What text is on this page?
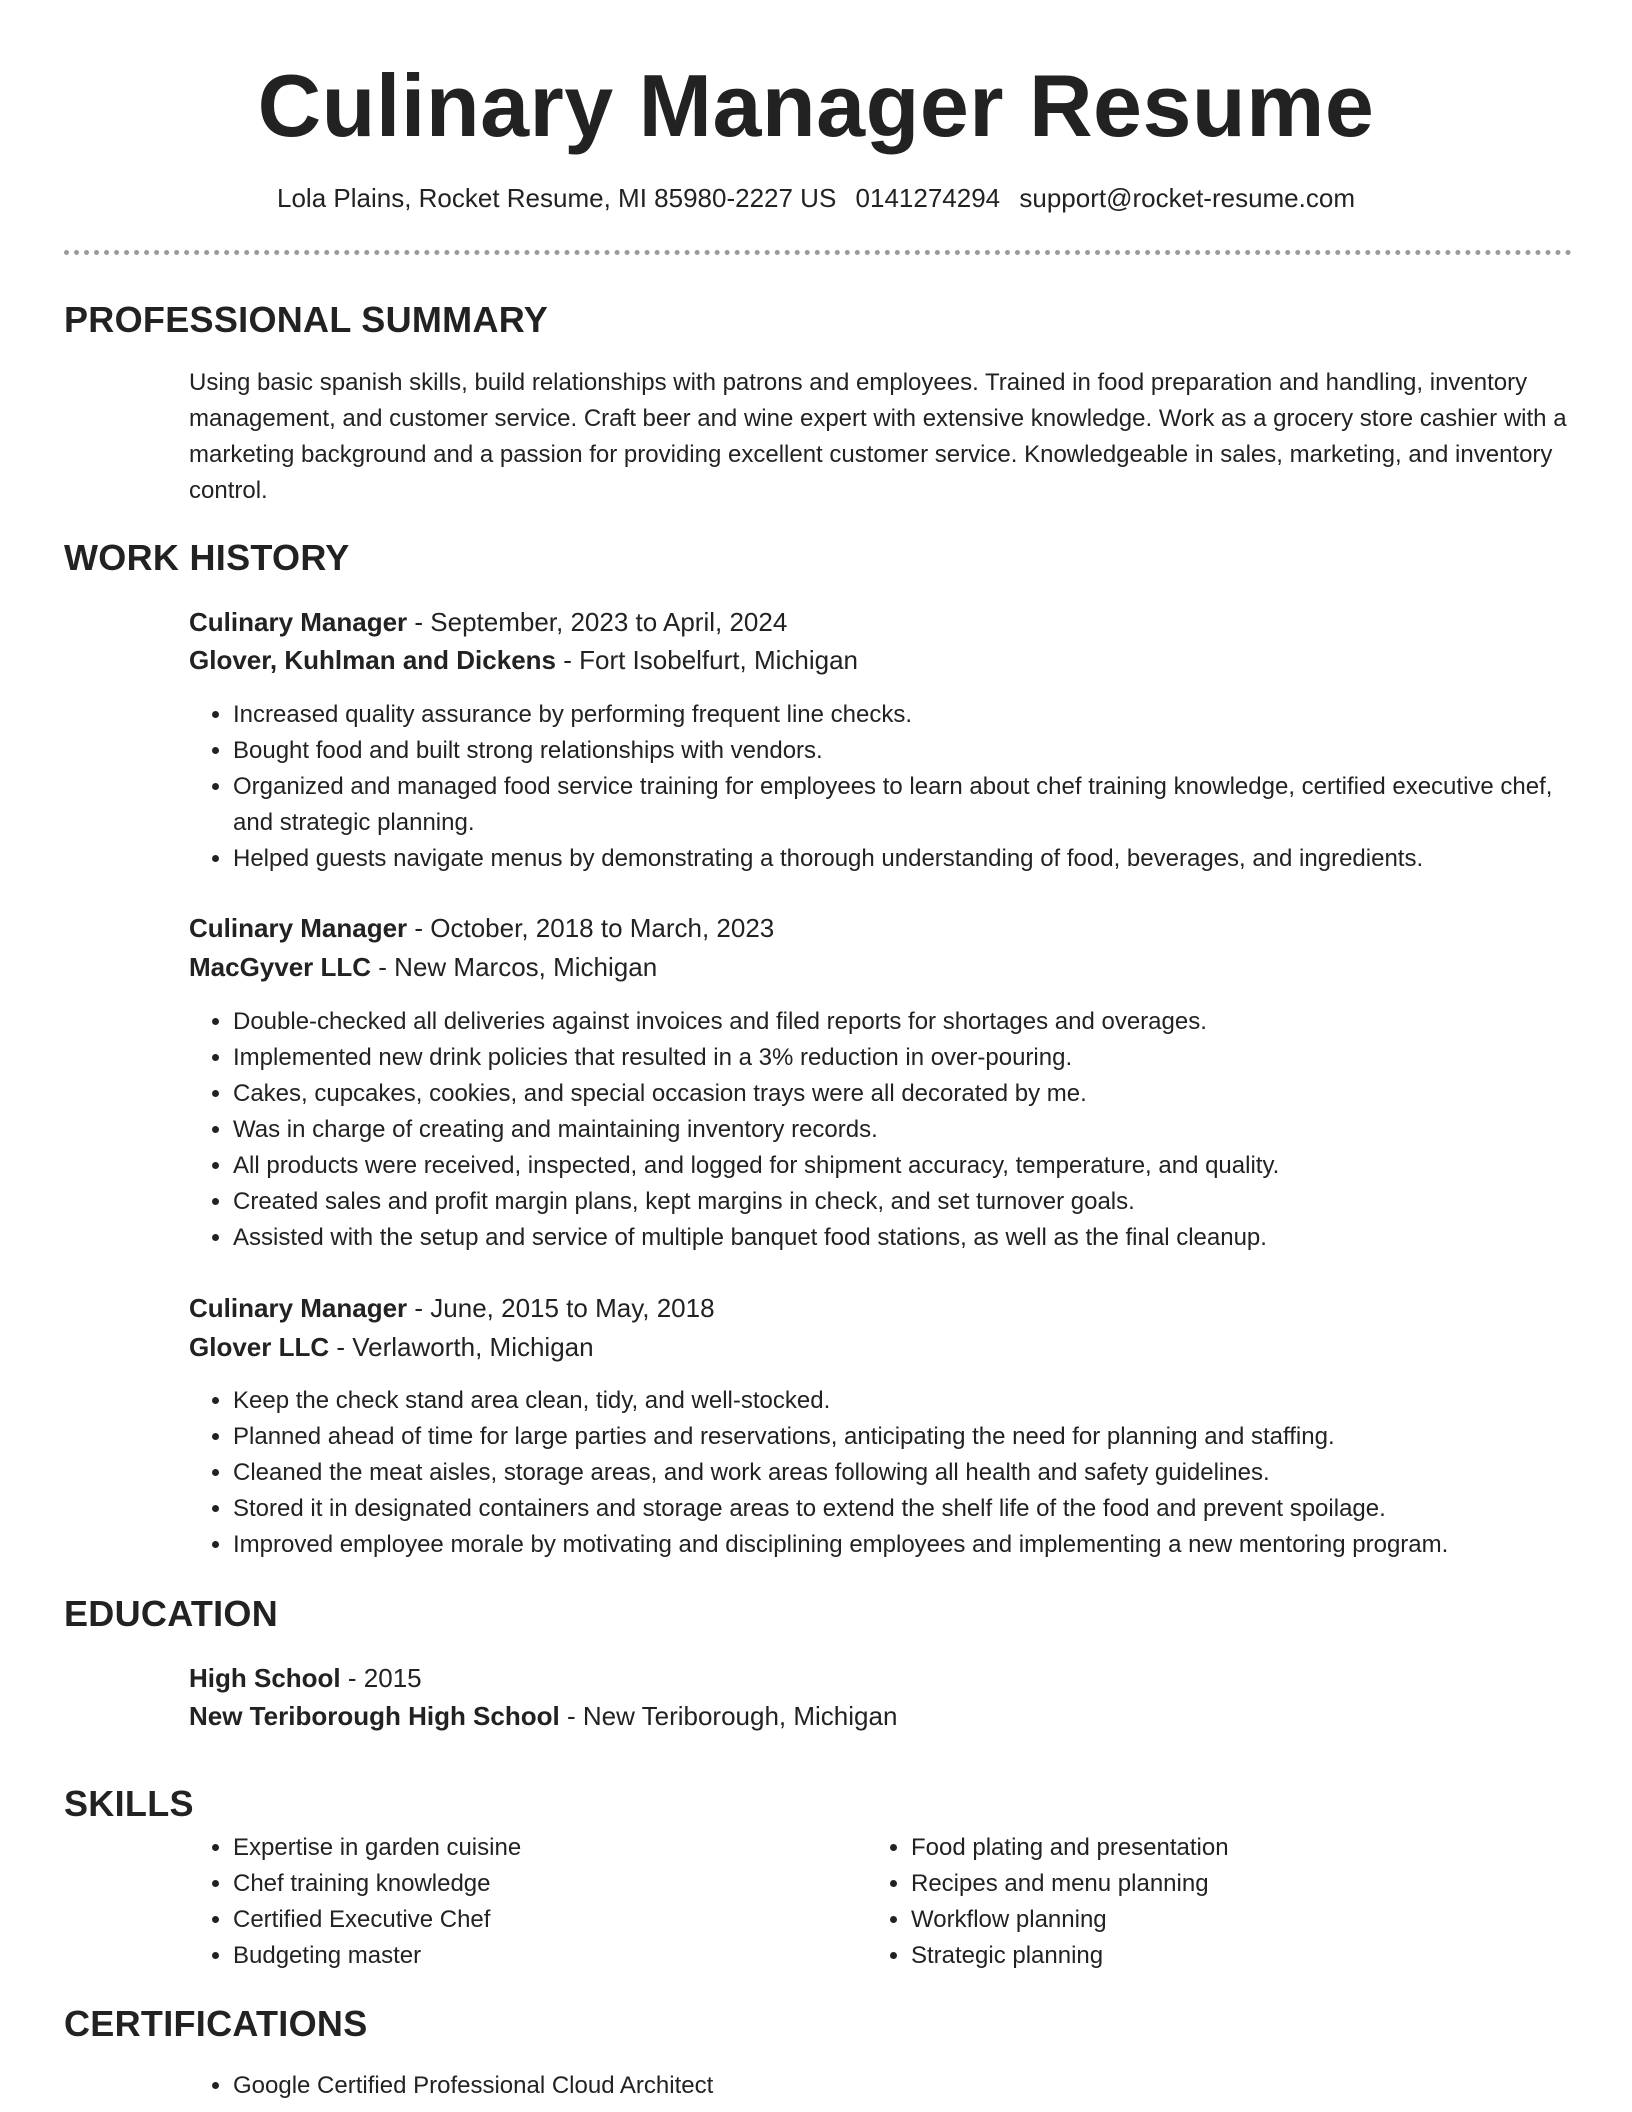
Culinary Manager Resume
Lola Plains, Rocket Resume, MI 85980-2227 US 0141274294 support@rocket-resume.com
PROFESSIONAL SUMMARY

Using basic spanish skills, build relationships with patrons and employees. Trained in food preparation and handling, inventory management, and customer service. Craft beer and wine expert with extensive knowledge. Work as a grocery store cashier with a marketing background and a passion for providing excellent customer service. Knowledgeable in sales, marketing, and inventory control.

WORK HISTORY
Culinary Manager - September, 2023 to April, 2024
Glover, Kuhlman and Dickens - Fort Isobelfurt, Michigan
• Increased quality assurance by performing frequent line checks.
• Bought food and built strong relationships with vendors.
• Organized and managed food service training for employees to learn about chef training knowledge, certified executive chef, and strategic planning.
• Helped guests navigate menus by demonstrating a thorough understanding of food, beverages, and ingredients.
Culinary Manager - October, 2018 to March, 2023
MacGyver LLC - New Marcos, Michigan
• Double-checked all deliveries against invoices and filed reports for shortages and overages.
• Implemented new drink policies that resulted in a 3% reduction in over-pouring.
• Cakes, cupcakes, cookies, and special occasion trays were all decorated by me.
• Was in charge of creating and maintaining inventory records.
• All products were received, inspected, and logged for shipment accuracy, temperature, and quality.
• Created sales and profit margin plans, kept margins in check, and set turnover goals.
• Assisted with the setup and service of multiple banquet food stations, as well as the final cleanup.
Culinary Manager - June, 2015 to May, 2018
Glover LLC - Verlaworth, Michigan
• Keep the check stand area clean, tidy, and well-stocked.
• Planned ahead of time for large parties and reservations, anticipating the need for planning and staffing.
• Cleaned the meat aisles, storage areas, and work areas following all health and safety guidelines.
• Stored it in designated containers and storage areas to extend the shelf life of the food and prevent spoilage.
• Improved employee morale by motivating and disciplining employees and implementing a new mentoring program.
EDUCATION
High School - 2015
New Teriborough High School - New Teriborough, Michigan
SKILLS
• Expertise in garden cuisine
• Chef training knowledge
• Certified Executive Chef
• Budgeting master
• Food plating and presentation
• Recipes and menu planning
• Workflow planning
• Strategic planning
CERTIFICATIONS
• Google Certified Professional Cloud Architect
